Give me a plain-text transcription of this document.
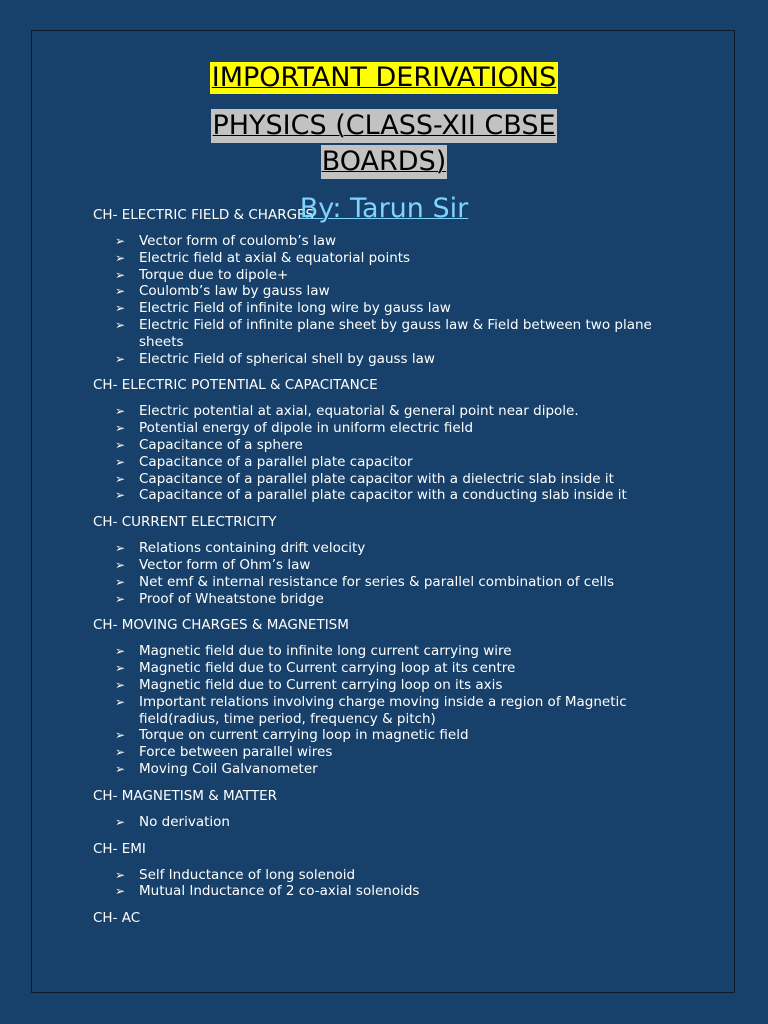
CH- ELECTRIC FIELD & CHARGES

➢ Vector form of coulomb’s law
➢ Electric field at axial & equatorial points
➢ Torque due to dipole+
➢ Coulomb’s law by gauss law
➢ Electric Field of infinite long wire by gauss law
➢ Electric Field of infinite plane sheet by gauss law & Field between two plane sheets
➢ Electric Field of spherical shell by gauss law

CH- ELECTRIC POTENTIAL & CAPACITANCE

➢ Electric potential at axial, equatorial & general point near dipole.
➢ Potential energy of dipole in uniform electric field
➢ Capacitance of a sphere
➢ Capacitance of a parallel plate capacitor
➢ Capacitance of a parallel plate capacitor with a dielectric slab inside it
➢ Capacitance of a parallel plate capacitor with a conducting slab inside it

CH- CURRENT ELECTRICITY

➢ Relations containing drift velocity
➢ Vector form of Ohm’s law
➢ Net emf & internal resistance for series & parallel combination of cells
➢ Proof of Wheatstone bridge

CH- MOVING CHARGES & MAGNETISM

➢ Magnetic field due to infinite long current carrying wire
➢ Magnetic field due to Current carrying loop at its centre
➢ Magnetic field due to Current carrying loop on its axis
➢ Important relations involving charge moving inside a region of Magnetic field(radius, time period, frequency & pitch)
➢ Torque on current carrying loop in magnetic field
➢ Force between parallel wires
➢ Moving Coil Galvanometer

CH- MAGNETISM & MATTER

➢ No derivation

CH- EMI

➢ Self Inductance of long solenoid
➢ Mutual Inductance of 2 co-axial solenoids

CH- AC

IMPORTANT DERIVATIONS
PHYSICS (CLASS-XII CBSE
BOARDS)
By: Tarun Sir
